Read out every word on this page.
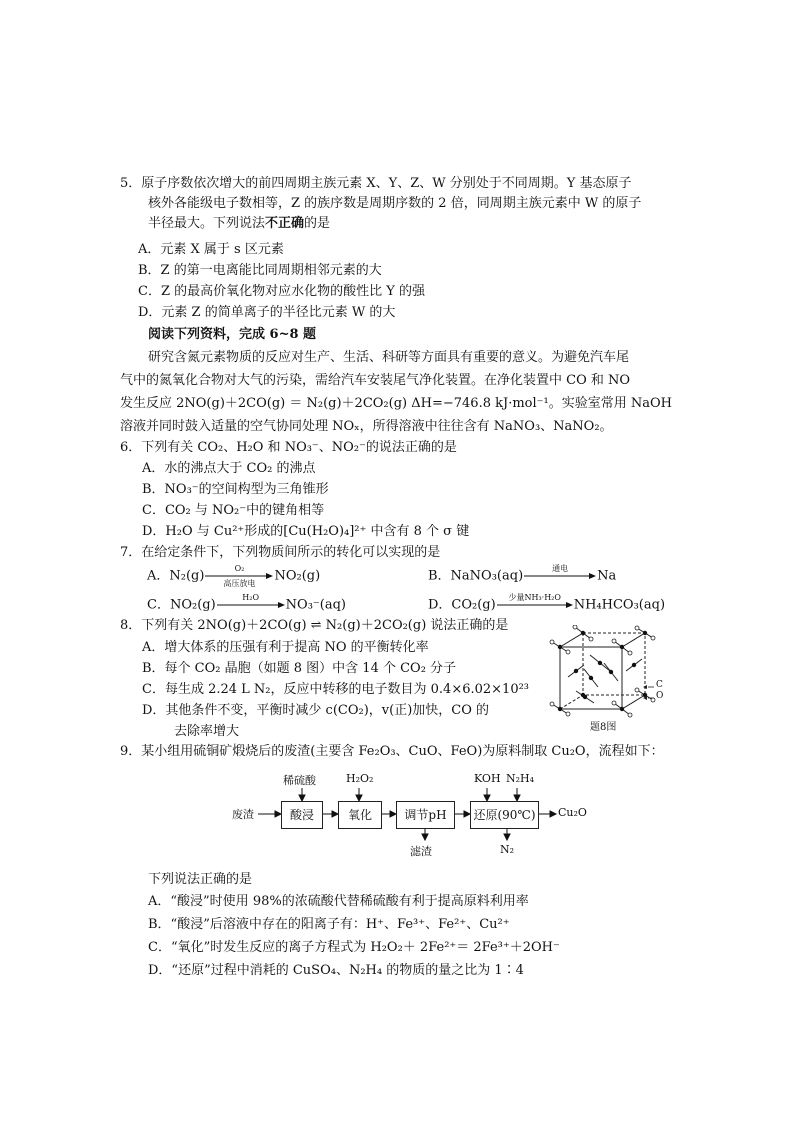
5．原子序数依次增大的前四周期主族元素 X、Y、Z、W 分别处于不同周期。Y 基态原子
核外各能级电子数相等，Z 的族序数是周期序数的 2 倍，同周期主族元素中 W 的原子
半径最大。下列说法不正确的是
A．元素 X 属于 s 区元素
B．Z 的第一电离能比同周期相邻元素的大
C．Z 的最高价氧化物对应水化物的酸性比 Y 的强
D．元素 Z 的简单离子的半径比元素 W 的大
阅读下列资料，完成 6~8 题
研究含氮元素物质的反应对生产、生活、科研等方面具有重要的意义。为避免汽车尾
气中的氮氧化合物对大气的污染，需给汽车安装尾气净化装置。在净化装置中 CO 和 NO
发生反应 2NO(g)＋2CO(g) ＝ N₂(g)＋2CO₂(g) ΔH=−746.8 kJ·mol⁻¹。实验室常用 NaOH
溶液并同时鼓入适量的空气协同处理 NOₓ，所得溶液中往往含有 NaNO₃、NaNO₂。
6．下列有关 CO₂、H₂O 和 NO₃⁻、NO₂⁻的说法正确的是
A．水的沸点大于 CO₂ 的沸点
B．NO₃⁻的空间构型为三角锥形
C．CO₂ 与 NO₂⁻中的键角相等
D．H₂O 与 Cu²⁺形成的[Cu(H₂O)₄]²⁺ 中含有 8 个 σ 键
7．在给定条件下，下列物质间所示的转化可以实现的是
A．N₂(g)	O₂
高压放电	NO₂(g)	B．NaNO₃(aq)	通电	Na
C．NO₂(g)	H₂O	NO₃⁻(aq)	D．CO₂(g)	少量NH₃·H₂O NH₄HCO₃(aq)
8．下列有关 2NO(g)＋2CO(g) ⇌ N₂(g)＋2CO₂(g) 说法正确的是
A．增大体系的压强有利于提高 NO 的平衡转化率
B．每个 CO₂ 晶胞（如题 8 图）中含 14 个 CO₂ 分子
C．每生成 2.24 L N₂，反应中转移的电子数目为 0.4×6.02×10²³
D．其他条件不变，平衡时减少 c(CO₂)，v(正)加快，CO 的
去除率增大
C
O
题8图
9．某小组用硫铜矿煅烧后的废渣(主要含 Fe₂O₃、CuO、FeO)为原料制取 Cu₂O，流程如下：
废渣	酸浸	氧化	调节pH	还原(90℃)	Cu₂O
稀硫酸	H₂O₂	KOH N₂H₄
滤渣	N₂
下列说法正确的是
A．“酸浸”时使用 98%的浓硫酸代替稀硫酸有利于提高原料利用率
B．“酸浸”后溶液中存在的阳离子有：H⁺、Fe³⁺、Fe²⁺、Cu²⁺
C．“氧化”时发生反应的离子方程式为 H₂O₂＋ 2Fe²⁺＝ 2Fe³⁺＋2OH⁻
D．“还原”过程中消耗的 CuSO₄、N₂H₄ 的物质的量之比为 1∶4
